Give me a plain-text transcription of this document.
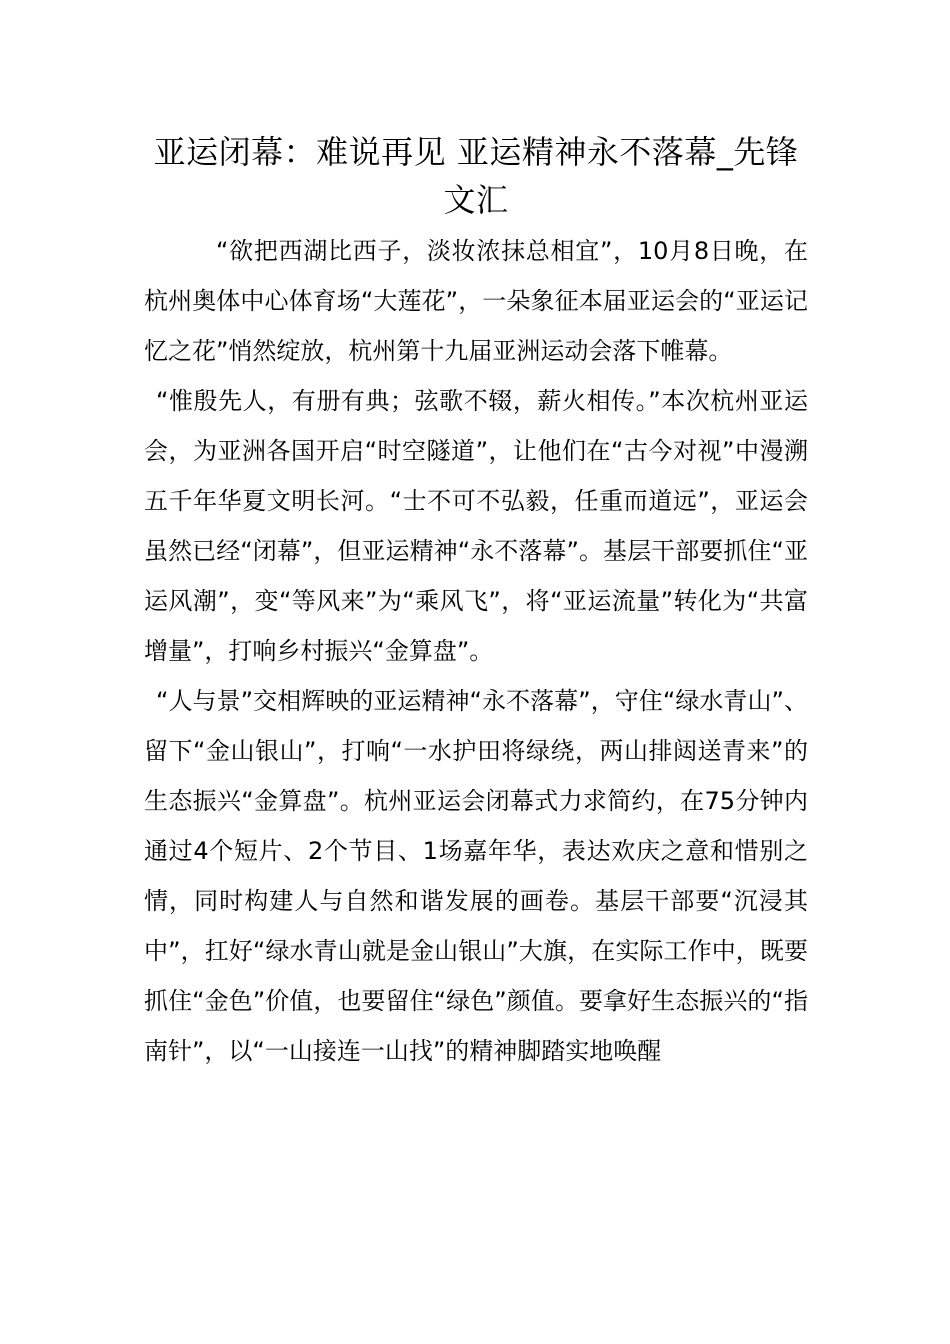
亚运闭幕：难说再见 亚运精神永不落幕_先锋文汇

“欲把西湖比西子，淡妆浓抹总相宜”，10月8日晚，在杭州奥体中心体育场“大莲花”，一朵象征本届亚运会的“亚运记忆之花”悄然绽放，杭州第十九届亚洲运动会落下帷幕。

“惟殷先人，有册有典；弦歌不辍，薪火相传。”本次杭州亚运会，为亚洲各国开启“时空隧道”，让他们在“古今对视”中漫溯五千年华夏文明长河。“士不可不弘毅，任重而道远”，亚运会虽然已经“闭幕”，但亚运精神“永不落幕”。基层干部要抓住“亚运风潮”，变“等风来”为“乘风飞”，将“亚运流量”转化为“共富增量”，打响乡村振兴“金算盘”。

“人与景”交相辉映的亚运精神“永不落幕”，守住“绿水青山”、留下“金山银山”，打响“一水护田将绿绕，两山排闼送青来”的生态振兴“金算盘”。杭州亚运会闭幕式力求简约，在75分钟内通过4个短片、2个节目、1场嘉年华，表达欢庆之意和惜别之情，同时构建人与自然和谐发展的画卷。基层干部要“沉浸其中”，扛好“绿水青山就是金山银山”大旗，在实际工作中，既要抓住“金色”价值，也要留住“绿色”颜值。要拿好生态振兴的“指南针”，以“一山接连一山找”的精神脚踏实地唤醒
